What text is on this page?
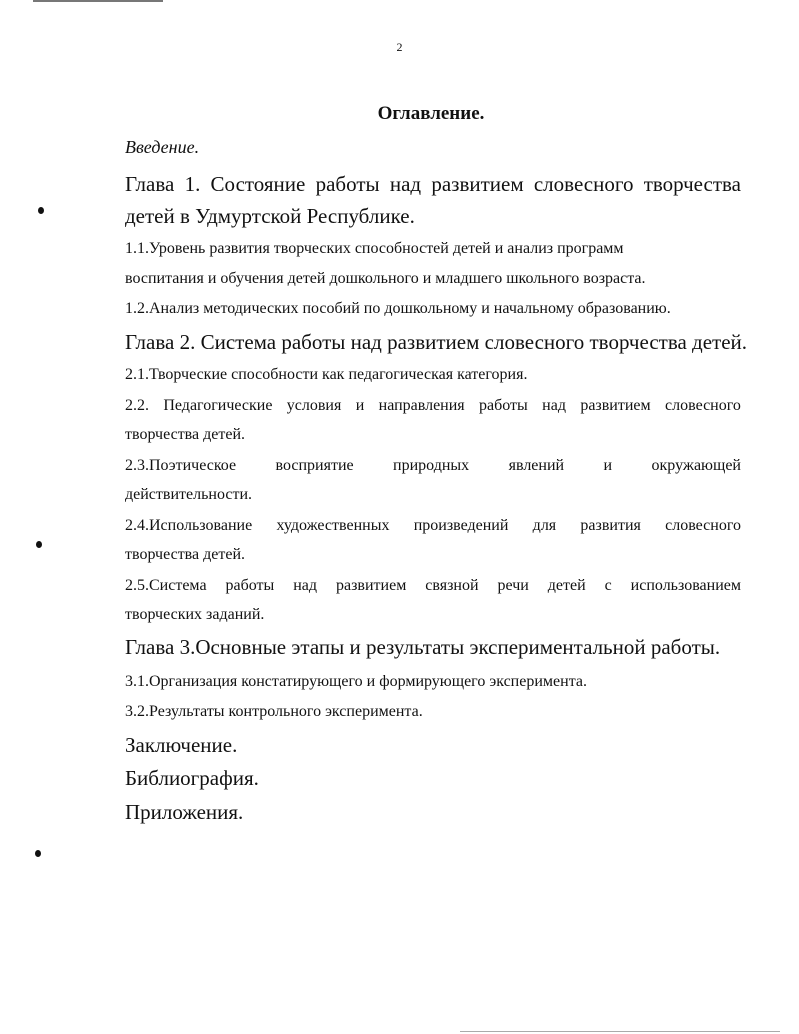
2
Оглавление.
Введение.
Глава 1. Состояние работы над развитием словесного творчества
детей в Удмуртской Республике.
1.1.Уровень развития творческих способностей детей и анализ программ
воспитания и обучения детей дошкольного и младшего школьного возраста.
1.2.Анализ методических пособий по дошкольному и начальному образованию.
Глава 2. Система работы над развитием словесного творчества детей.
2.1.Творческие способности как педагогическая категория.
2.2. Педагогические условия и направления работы над развитием словесного
творчества детей.
2.3.Поэтическое восприятие природных явлений и окружающей
действительности.
2.4.Использование художественных произведений для развития словесного
творчества детей.
2.5.Система работы над развитием связной речи детей с использованием
творческих заданий.
Глава 3.Основные этапы и результаты экспериментальной работы.
3.1.Организация констатирующего и формирующего эксперимента.
3.2.Результаты контрольного эксперимента.
Заключение.
Библиография.
Приложения.
